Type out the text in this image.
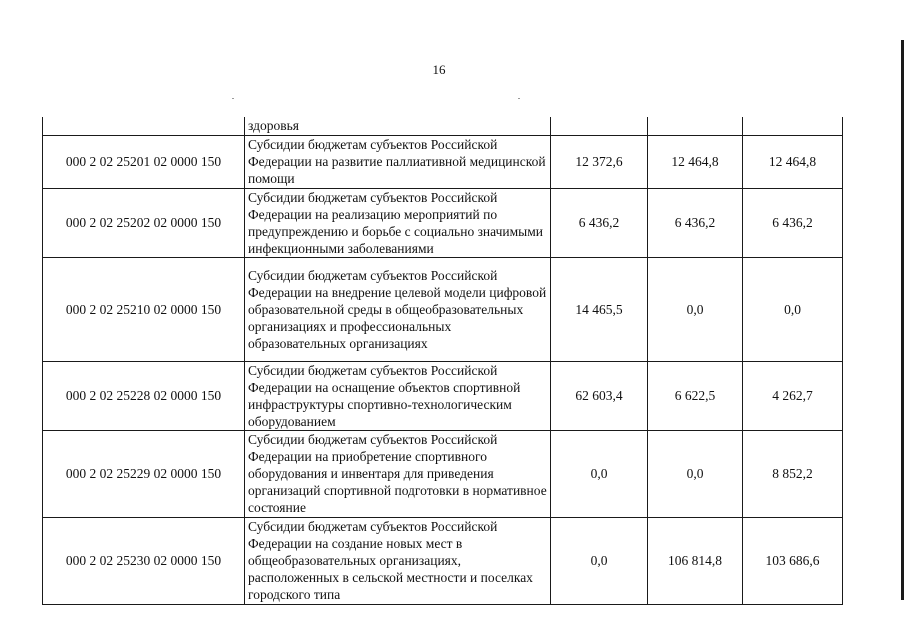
16
	здоровья			
000 2 02 25201 02 0000 150	Субсидии бюджетам субъектов Российской Федерации на развитие паллиативной медицинской помощи	12 372,6	12 464,8	12 464,8
000 2 02 25202 02 0000 150	Субсидии бюджетам субъектов Российской Федерации на реализацию мероприятий по предупреждению и борьбе с социально значимыми инфекционными заболеваниями	6 436,2	6 436,2	6 436,2
000 2 02 25210 02 0000 150	Субсидии бюджетам субъектов Российской Федерации на внедрение целевой модели цифровой образовательной среды в общеобразовательных организациях и профессиональных образовательных организациях	14 465,5	0,0	0,0
000 2 02 25228 02 0000 150	Субсидии бюджетам субъектов Российской Федерации на оснащение объектов спортивной инфраструктуры спортивно-технологическим оборудованием	62 603,4	6 622,5	4 262,7
000 2 02 25229 02 0000 150	Субсидии бюджетам субъектов Российской Федерации на приобретение спортивного оборудования и инвентаря для приведения организаций спортивной подготовки в нормативное состояние	0,0	0,0	8 852,2
000 2 02 25230 02 0000 150	Субсидии бюджетам субъектов Российской Федерации на создание новых мест в общеобразовательных организациях, расположенных в сельской местности и поселках городского типа	0,0	106 814,8	103 686,6
